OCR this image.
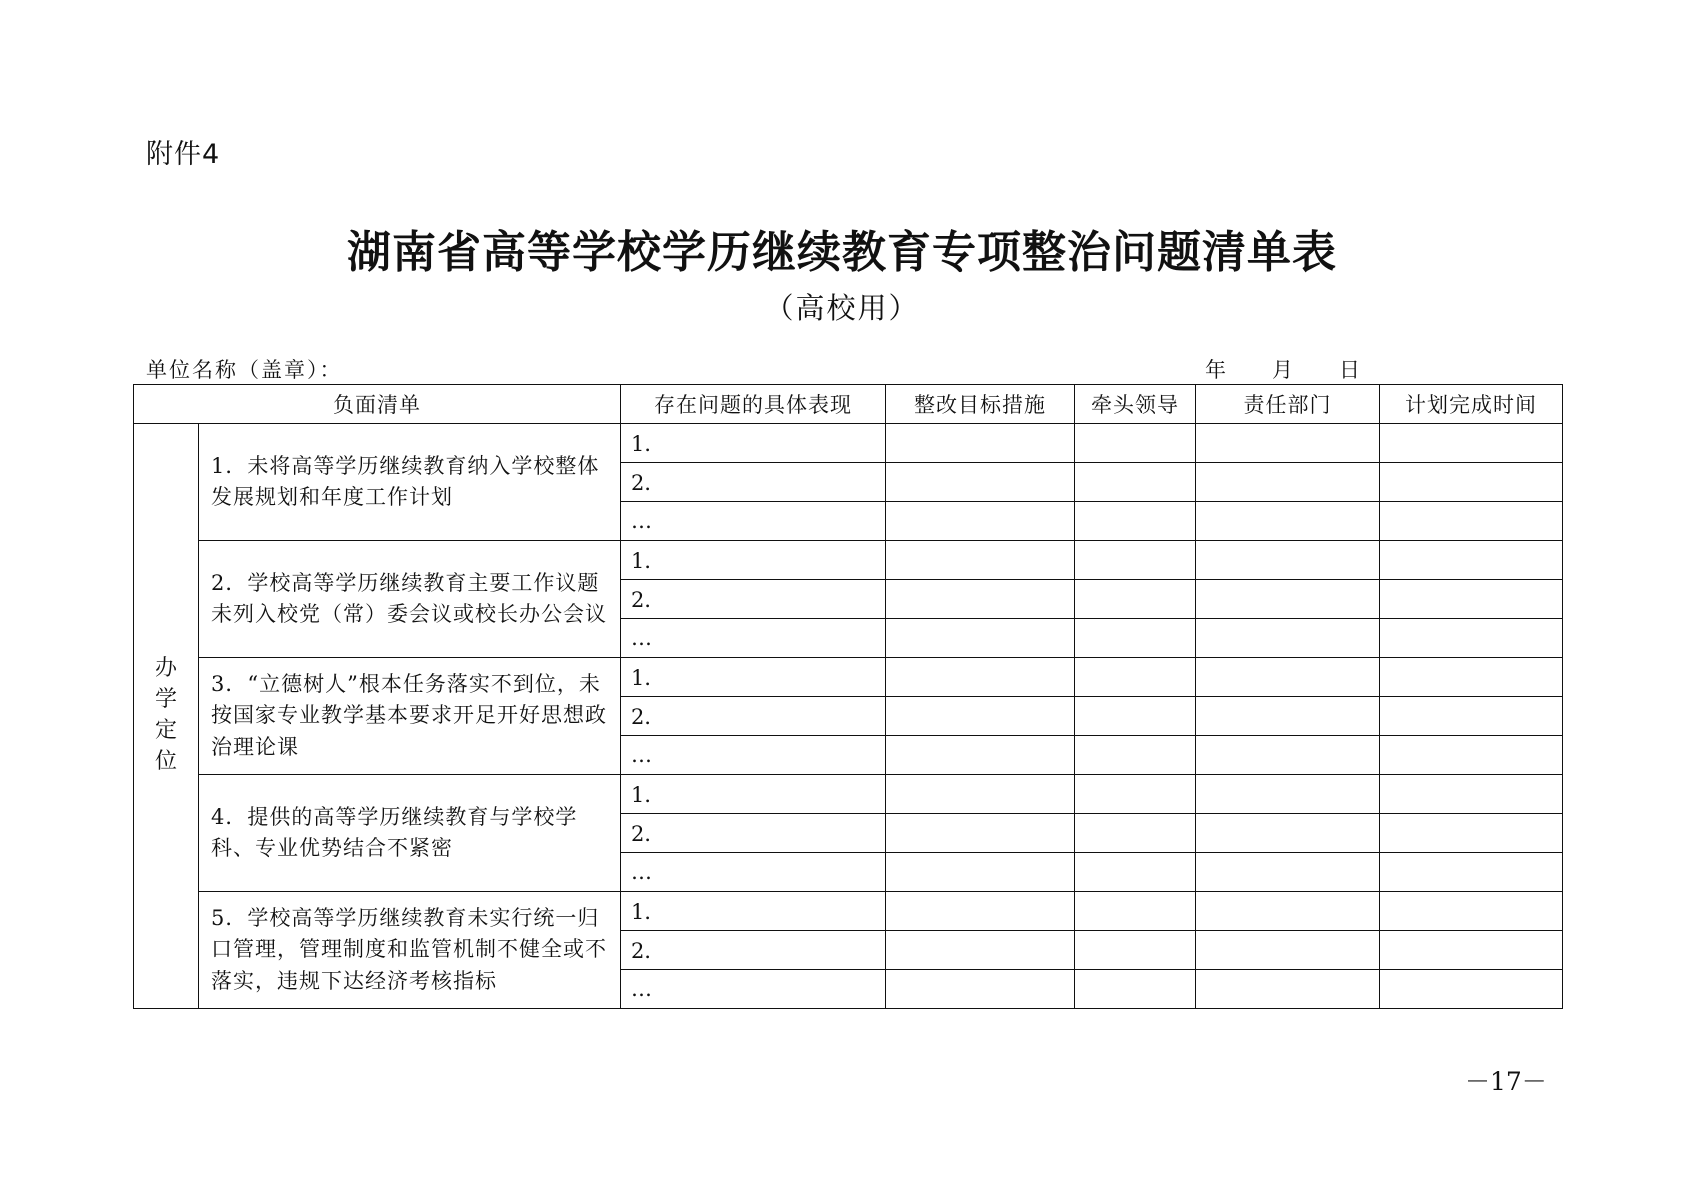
附件4
湖南省高等学校学历继续教育专项整治问题清单表
（高校用）
单位名称（盖章）：	年 月 日
负面清单		存在问题的具体表现	整改目标措施	牵头领导	责任部门	计划完成时间

办学定位	1．未将高等学历继续教育纳入学校整体发展规划和年度工作计划	1．				
		2．				
		…				
	2．学校高等学历继续教育主要工作议题未列入校党（常）委会议或校长办公会议	1．				
		2．				
		…				
	3．“立德树人”根本任务落实不到位，未按国家专业教学基本要求开足开好思想政治理论课	1．				
		2．				
		…				
	4．提供的高等学历继续教育与学校学科、专业优势结合不紧密	1．				
		2．				
		…				
	5．学校高等学历继续教育未实行统一归口管理，管理制度和监管机制不健全或不落实，违规下达经济考核指标	1．				
		2．				
		…				
－17－
